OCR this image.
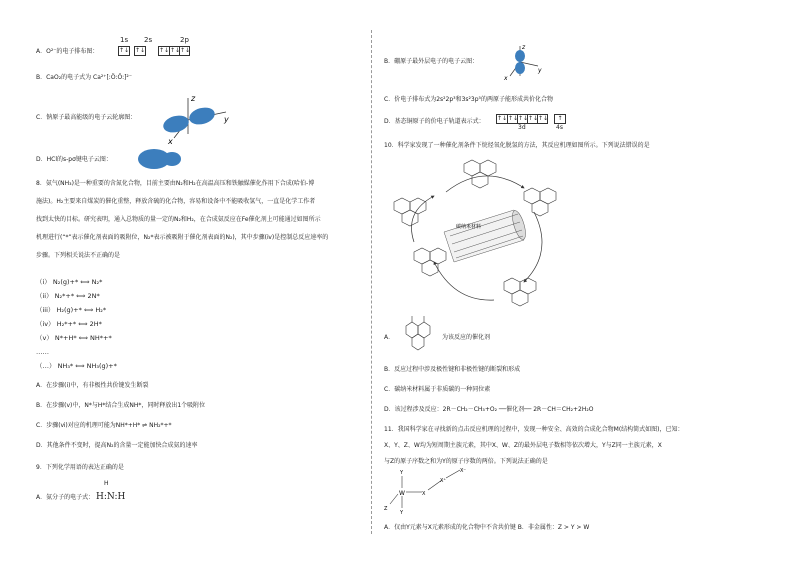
A．O²⁻的电子排布图：
1s 2s	2p
↑↓ ↑↓ ↑↓ ↑↓ ↑↓
B．CaO₂的电子式为 Ca²⁺[:Ö:Ö:]²⁻
C．钠原子最高能级的电子云轮廓图：
z
y
x
D．HCl的s-pσ键电子云图：
8．氨气(NH₃)是一种重要的含氮化合物，目前主要由N₂和H₂在高温高压和铁触媒催化作用下合成(哈伯-博
施法)。H₂主要来自煤炭的催化重整，释放含硫的化合物，容易和设备中不能吸收氢气，一直是化学工作者
找到太快的目标。研究表明，通入总物质的量一定的N₂和H₂，在合成氨反应在Fe催化剂上可能通过如图所示
机理进行(“*”表示催化剂表面的吸附位，N₂*表示被吸附于催化剂表面的N₂)，其中步骤(ⅳ)是控制总反应速率的
步骤。下列相关说法不正确的是
（i） N₂(g)+* ⟺ N₂*
（ii） N₂*+* ⟺ 2N*
（iii） H₂(g)+* ⟺ H₂*
（iv） H₂*+* ⟺ 2H*
（v） N*+H* ⟺ NH*+*
……
（…） NH₃* ⟺ NH₃(g)+*
A．在步骤(ⅰ)中，有非极性共价键发生断裂
B．在步骤(ⅴ)中，N*与H*结合生成NH*，同时释放出1个吸附位
C．步骤(ⅵ)对应的机理可能为NH*+H* ⇌ NH₂*+*
D．其他条件不变时，提高N₂的含量一定能加快合成氨的速率
9．下列化学用语的表达正确的是
A．氨分子的电子式：
H
H:N:H
B．硼原子最外层电子的电子云图：
z
y
x
C．价电子排布式为2s²2p³和3s²3p⁵的两原子能形成共价化合物
D．基态铜原子的价电子轨道表示式： ↑↓ ↑↓ ↑↓ ↑↓ ↑↓	↑
3d	4s
10．科学家发现了一种催化剂条件下烷烃氧化脱氢的方法，其反应机理如图所示。下列说法错误的是
碳纳米材料
A．	为该反应的催化剂
B．反应过程中涉及极性键和非极性键的断裂和形成
C．碳纳米材料属于非质碳的一种同位素
D．该过程涉及反应：2R－CH₂－CH₃+O₂ ──催化剂── 2R－CH＝CH₂+2H₂O
11．我国科学家在寻找新的点击反应机理的过程中，发现一种安全、高效的合成化合物M(结构简式如图)，已知：
X、Y、Z、W均为短周期主族元素，其中X、W、Z的最外层电子数相等依次增大，Y与Z同一主族元素，X
与Z的原子序数之和为Y的原子序数的两倍。下列说法正确的是
Y
W
Y
Z
X
X⁺
X⁻
A．仅由Y元素与X元素形成的化合物中不含共价键 B．非金属性：Z > Y > W
